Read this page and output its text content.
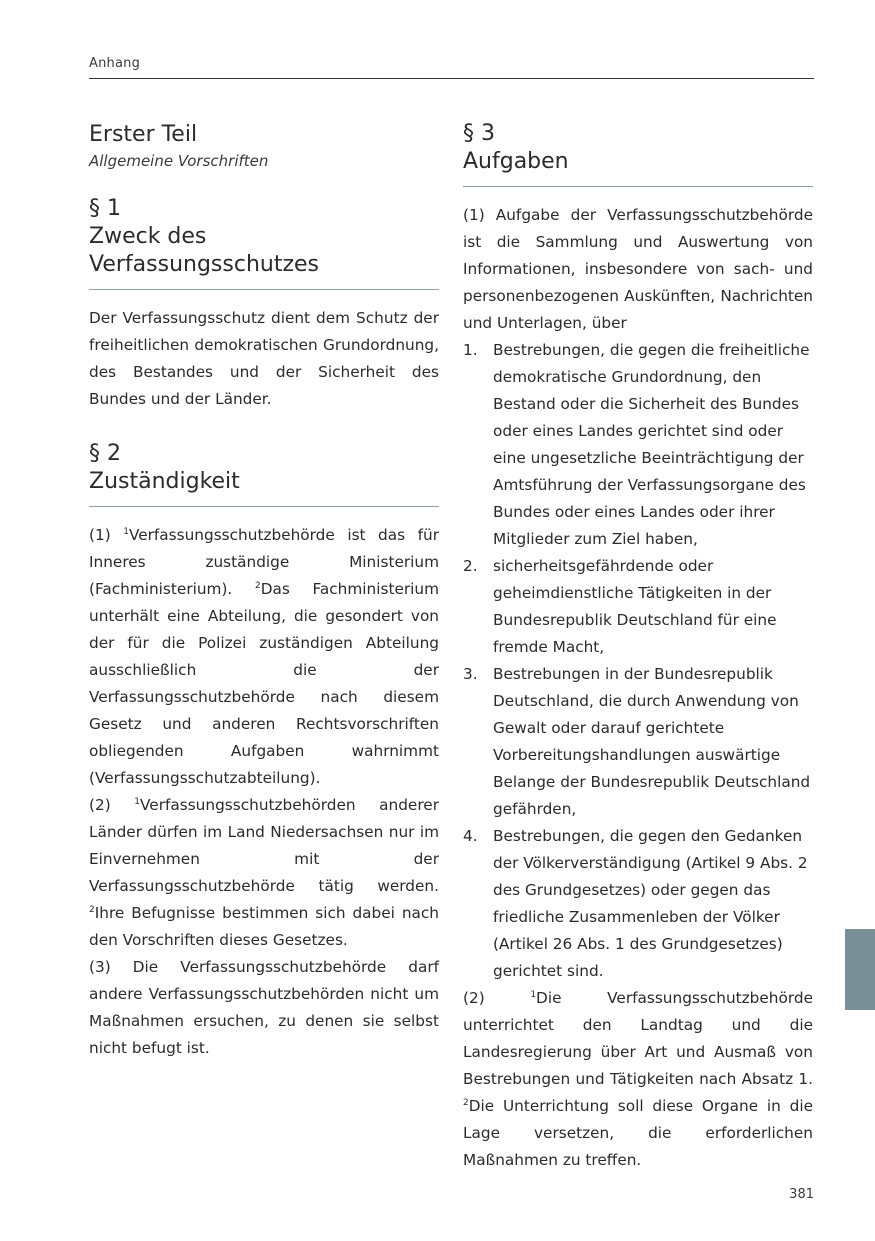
Anhang
Erster Teil
Allgemeine Vorschriften
§ 1
Zweck des Verfassungsschutzes

Der Verfassungsschutz dient dem Schutz der freiheitlichen demokratischen Grundordnung, des Bestandes und der Sicherheit des Bundes und der Länder.

§ 2
Zuständigkeit
(1) $^1$Verfassungsschutzbehörde ist das für Inneres zuständige Ministerium (Fachministerium). $^2$Das Fachministerium unterhält eine Abteilung, die gesondert von der für die Polizei zuständigen Abteilung ausschließlich die der Verfassungsschutzbehörde nach diesem Gesetz und anderen Rechtsvorschriften obliegenden Aufgaben wahrnimmt (Verfassungsschutzabteilung).
(2) $^1$Verfassungsschutzbehörden anderer Länder dürfen im Land Niedersachsen nur im Einvernehmen mit der Verfassungsschutzbehörde tätig werden. $^2$Ihre Befugnisse bestimmen sich dabei nach den Vorschriften dieses Gesetzes.
(3) Die Verfassungsschutzbehörde darf andere Verfassungsschutzbehörden nicht um Maßnahmen ersuchen, zu denen sie selbst nicht befugt ist.
§ 3
Aufgaben
(1) Aufgabe der Verfassungsschutzbehörde ist die Sammlung und Auswertung von Informationen, insbesondere von sach- und personenbezogenen Auskünften, Nachrichten und Unterlagen, über
1. Bestrebungen, die gegen die freiheitliche demokratische Grundordnung, den Bestand oder die Sicherheit des Bundes oder eines Landes gerichtet sind oder eine ungesetzliche Beeinträchtigung der Amtsführung der Verfassungsorgane des Bundes oder eines Landes oder ihrer Mitglieder zum Ziel haben,
2. sicherheitsgefährdende oder geheimdienstliche Tätigkeiten in der Bundesrepublik Deutschland für eine fremde Macht,
3. Bestrebungen in der Bundesrepublik Deutschland, die durch Anwendung von Gewalt oder darauf gerichtete Vorbereitungshandlungen auswärtige Belange der Bundesrepublik Deutschland gefährden,
4. Bestrebungen, die gegen den Gedanken der Völkerverständigung (Artikel 9 Abs. 2 des Grundgesetzes) oder gegen das friedliche Zusammenleben der Völker (Artikel 26 Abs. 1 des Grundgesetzes) gerichtet sind.
(2) $^1$Die Verfassungsschutzbehörde unterrichtet den Landtag und die Landesregierung über Art und Ausmaß von Bestrebungen und Tätigkeiten nach Absatz 1. $^2$Die Unterrichtung soll diese Organe in die Lage versetzen, die erforderlichen Maßnahmen zu treffen.
381
